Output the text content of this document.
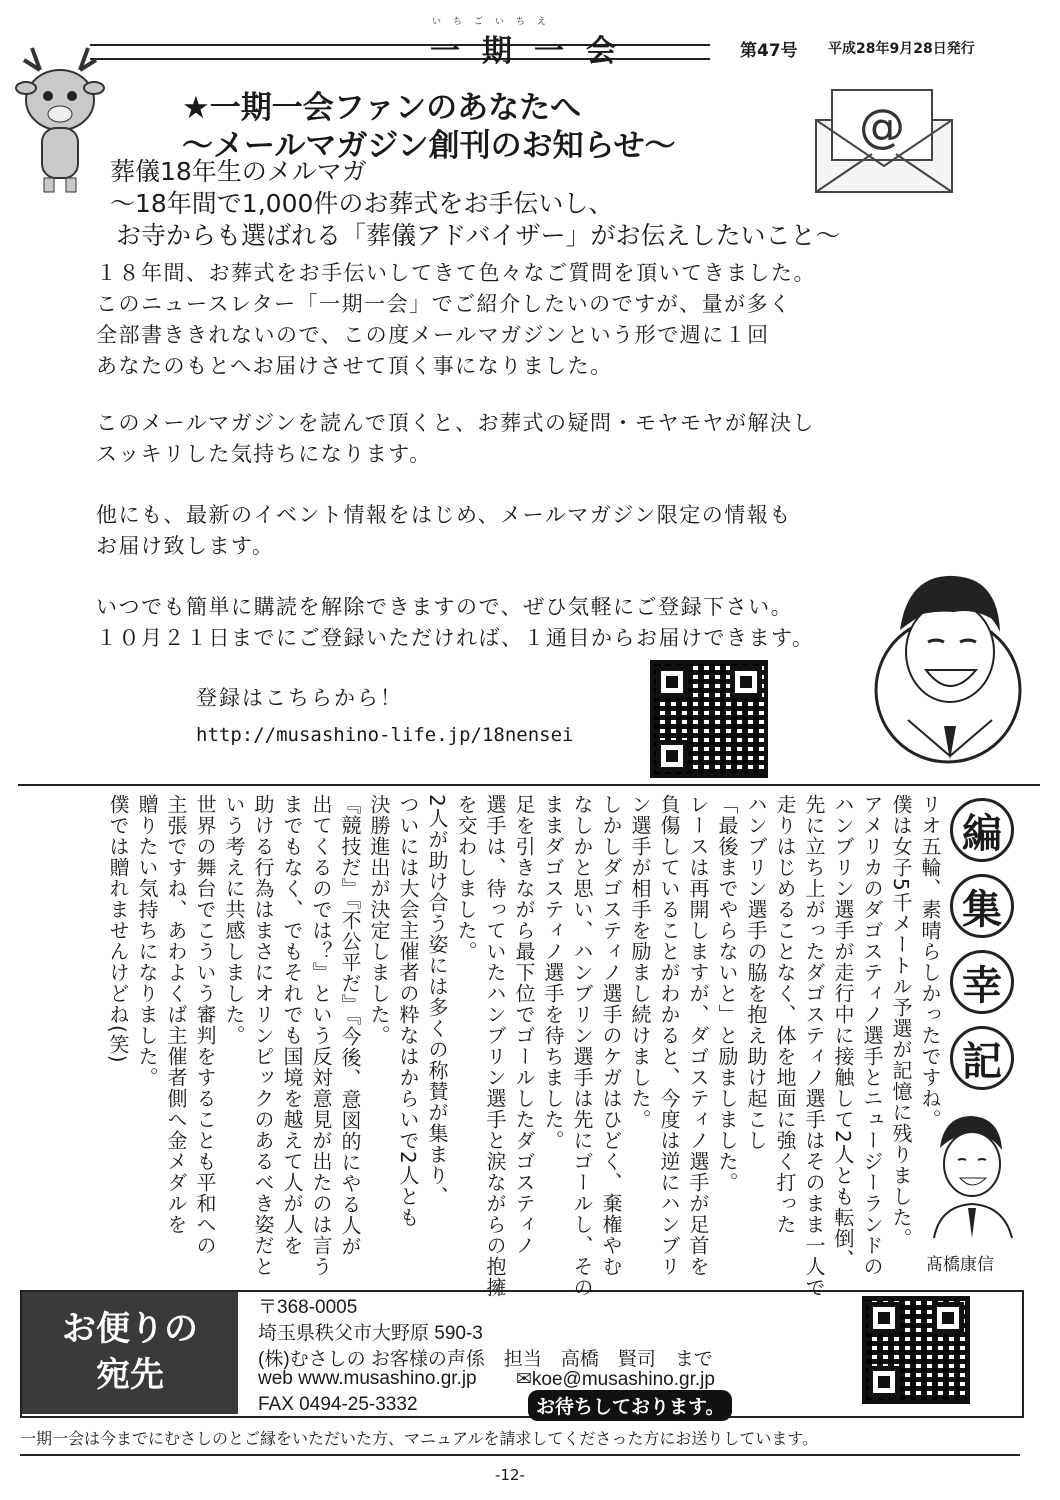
いちごいちえ
一期一会	第47号 平成28年9月28日発行
@
★一期一会ファンのあなたへ
～メールマガジン創刊のお知らせ～
葬儀18年生のメルマガ
～18年間で1,000件のお葬式をお手伝いし、
お寺からも選ばれる「葬儀アドバイザー」がお伝えしたいこと～
１８年間、お葬式をお手伝いしてきて色々なご質問を頂いてきました。
このニュースレター「一期一会」でご紹介したいのですが、量が多く
全部書ききれないので、この度メールマガジンという形で週に１回
あなたのもとへお届けさせて頂く事になりました。
このメールマガジンを読んで頂くと、お葬式の疑問・モヤモヤが解決し
スッキリした気持ちになります。
他にも、最新のイベント情報をはじめ、メールマガジン限定の情報も
お届け致します。
いつでも簡単に購読を解除できますので、ぜひ気軽にご登録下さい。
１０月２１日までにご登録いただければ、１通目からお届けできます。
登録はこちらから！
http://musashino-life.jp/18nensei
編
集
幸
記
髙橋康信
リオ五輪、素晴らしかったですね。
僕は女子5千メートル予選が記憶に残りました。
アメリカのダゴスティノ選手とニュージーランドの
ハンブリン選手が走行中に接触して2人とも転倒、
先に立ち上がったダゴスティノ選手はそのまま一人で
走りはじめることなく、体を地面に強く打った
ハンブリン選手の脇を抱え助け起こし
「最後までやらないと」と励ましました。
レースは再開しますが、ダゴスティノ選手が足首を
負傷していることがわかると、今度は逆にハンブリ
ン選手が相手を励まし続けました。
しかしダゴスティノ選手のケガはひどく、棄権やむ
なしかと思い、ハンブリン選手は先にゴールし、その
ままダゴスティノ選手を待ちました。
足を引きながら最下位でゴールしたダゴスティノ
選手は、待っていたハンブリン選手と涙ながらの抱擁
を交わしました。
2人が助け合う姿には多くの称賛が集まり、
ついには大会主催者の粋なはからいで2人とも
決勝進出が決定しました。
『競技だ』『不公平だ』『今後、意図的にやる人が
出てくるのでは？』という反対意見が出たのは言う
までもなく、でもそれでも国境を越えて人が人を
助ける行為はまさにオリンピックのあるべき姿だと
いう考えに共感しました。
世界の舞台でこういう審判をすることも平和への
主張ですね、あわよくば主催者側へ金メダルを
贈りたい気持ちになりました。
僕では贈れませんけどね(笑)
お便りの
宛先
〒368-0005
埼玉県秩父市大野原 590-3
(株)むさしの お客様の声係　担当　高橋　賢司　まで
web www.musashino.gr.jp ✉koe@musashino.gr.jp
FAX 0494-25-3332	お待ちしております。
一期一会は今までにむさしのとご縁をいただいた方、マニュアルを請求してくださった方にお送りしています。
-12-
